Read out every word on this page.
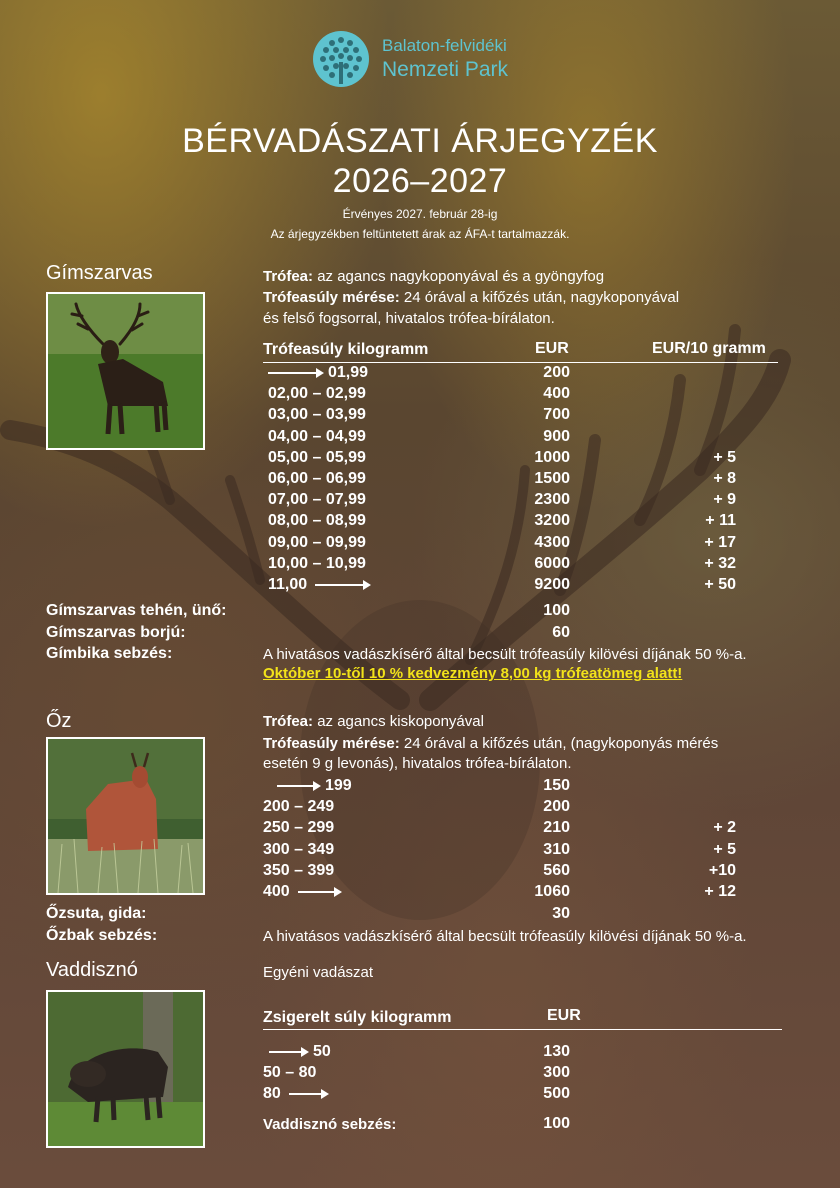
Balaton-felvidéki
Nemzeti Park
BÉRVADÁSZATI ÁRJEGYZÉK
2026–2027
Érvényes 2027. február 28-ig
Az árjegyzékben feltüntetett árak az ÁFA-t tartalmazzák.
Gímszarvas	Trófea: az agancs nagykoponyával és a gyöngyfog
Trófeasúly mérése: 24 órával a kifőzés után, nagykoponyával
és felső fogsorral, hivatalos trófea-bírálaton.
Trófeasúly kilogramm	EUR	EUR/10 gramm
01,99	200
02,00 – 02,99	400
03,00 – 03,99	700
04,00 – 04,99	900
05,00 – 05,99	1000	+ 5
06,00 – 06,99	1500	+ 8
07,00 – 07,99	2300	+ 9
08,00 – 08,99	3200	+ 11
09,00 – 09,99	4300	+ 17
10,00 – 10,99	6000	+ 32
11,00	9200	+ 50
Gímszarvas tehén, ünő:	100
Gímszarvas borjú:	60
Gímbika sebzés:	A hivatásos vadászkísérő által becsült trófeasúly kilövési díjának 50 %-a.
Október 10-től 10 % kedvezmény 8,00 kg trófeatömeg alatt!
Őz	Trófea: az agancs kiskoponyával
Trófeasúly mérése: 24 órával a kifőzés után, (nagykoponyás mérés
esetén 9 g levonás), hivatalos trófea-bírálaton.
199	150
200 – 249	200
250 – 299	210	+ 2
300 – 349	310	+ 5
350 – 399	560	+10
400	1060	+ 12
Őzsuta, gida:	30
Őzbak sebzés:	A hivatásos vadászkísérő által becsült trófeasúly kilövési díjának 50 %-a.
Vaddisznó	Egyéni vadászat
Zsigerelt súly kilogramm	EUR
50	130
50 – 80	300
80	500
Vaddisznó sebzés:	100
